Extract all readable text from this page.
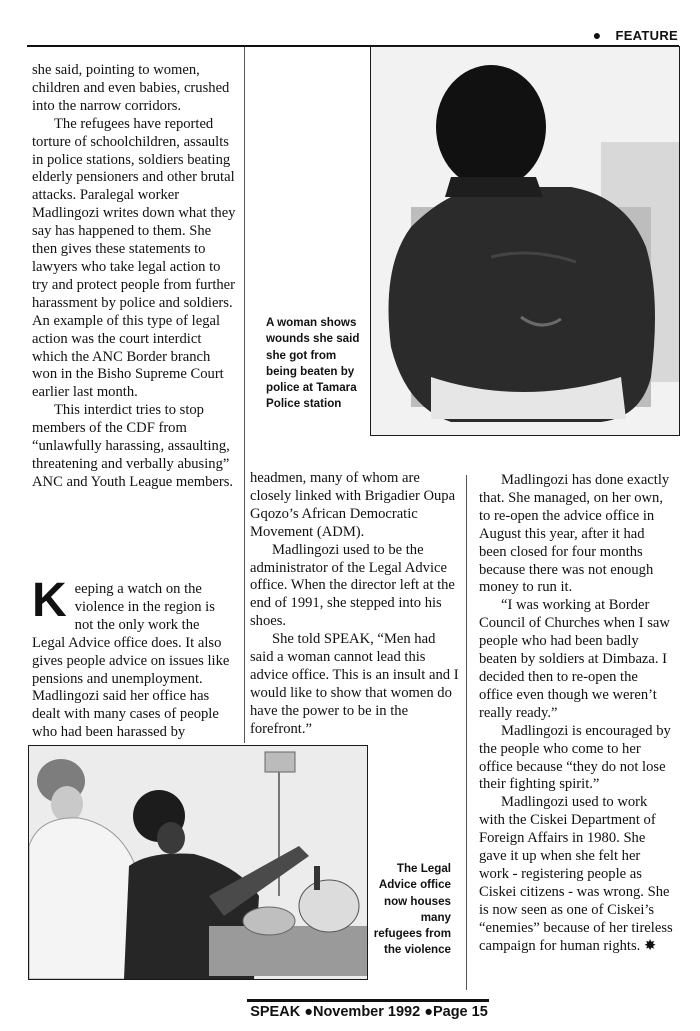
● FEATURE

she said, pointing to women, children and even babies, crushed into the narrow corridors.

The refugees have reported torture of schoolchildren, assaults in police stations, soldiers beating elderly pensioners and other brutal attacks. Paralegal worker Madlingozi writes down what they say has happened to them. She then gives these statements to lawyers who take legal action to try and protect people from further harassment by police and soldiers. An example of this type of legal action was the court interdict which the ANC Border branch won in the Bisho Supreme Court earlier last month.

This interdict tries to stop members of the CDF from “unlawfully harassing, assaulting, threatening and verbally abusing” ANC and Youth League members.

Keeping a watch on the violence in the region is not the only work the Legal Advice office does. It also gives people advice on issues like pensions and unemployment. Madlingozi said her office has dealt with many cases of people who had been harassed by
A woman shows wounds she said she got from being beaten by police at Tamara Police station

headmen, many of whom are closely linked with Brigadier Oupa Gqozo’s African Democratic Movement (ADM).

Madlingozi used to be the administrator of the Legal Advice office. When the director left at the end of 1991, she stepped into his shoes.

She told SPEAK, “Men had said a woman cannot lead this advice office. This is an insult and I would like to show that women do have the power to be in the forefront.”

Madlingozi has done exactly that. She managed, on her own, to re-open the advice office in August this year, after it had been closed for four months because there was not enough money to run it.

“I was working at Border Council of Churches when I saw people who had been badly beaten by soldiers at Dimbaza. I decided then to re-open the office even though we weren’t really ready.”

Madlingozi is encouraged by the people who come to her office because “they do not lose their fighting spirit.”

Madlingozi used to work with the Ciskei Department of Foreign Affairs in 1980. She gave it up when she felt her work - registering people as Ciskei citizens - was wrong. She is now seen as one of Ciskei’s “enemies” because of her tireless campaign for human rights. ✸

The Legal Advice office now houses many refugees from the violence
SPEAK ●November 1992 ●Page 15
